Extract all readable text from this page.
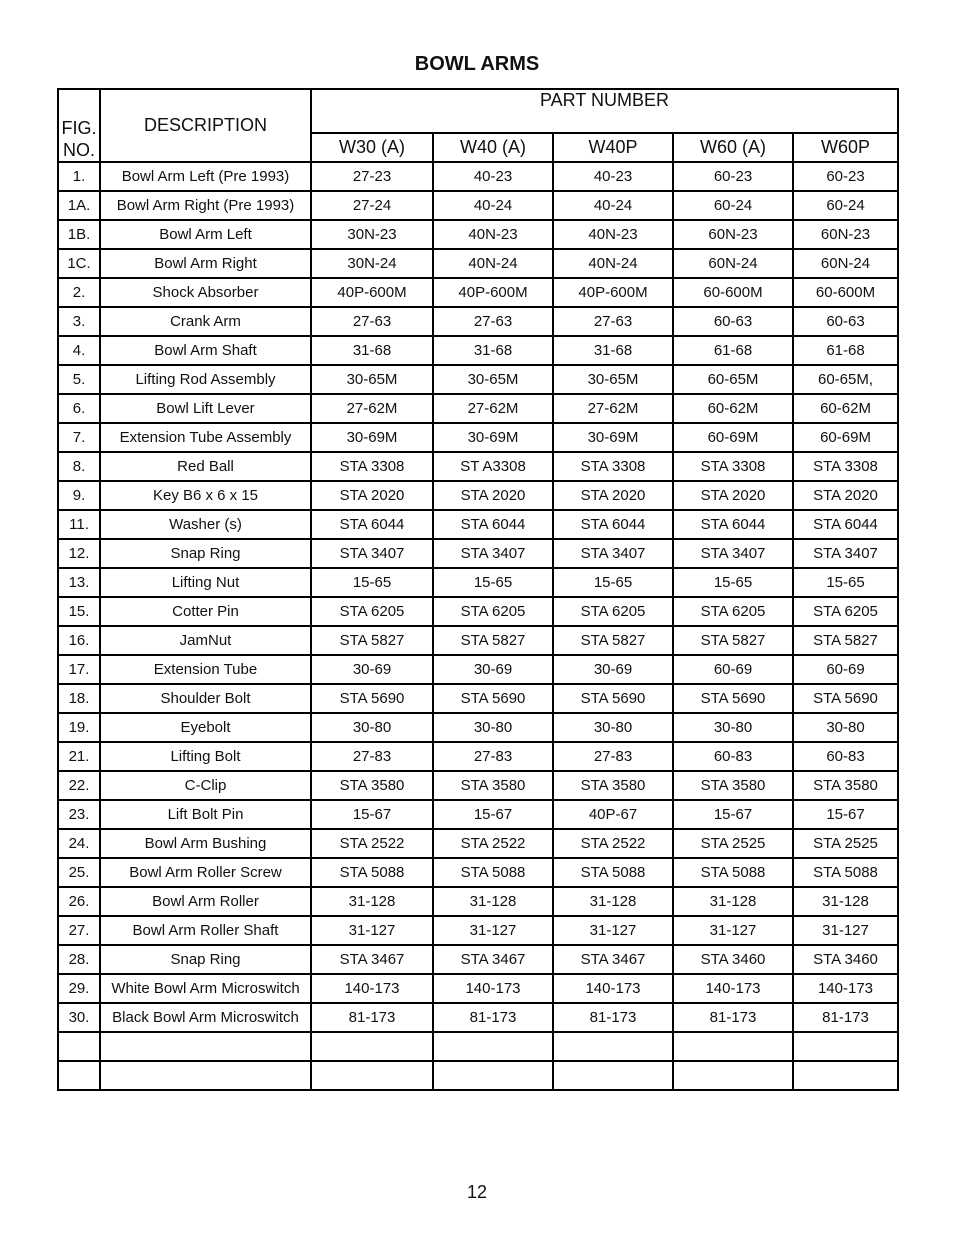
BOWL ARMS
FIG.
NO.	DESCRIPTION	PART NUMBER				
		W30 (A)	W40 (A)	W40P	W60 (A)	W60P
1.	Bowl Arm Left (Pre 1993)	27-23	40-23	40-23	60-23	60-23
1A.	Bowl Arm Right (Pre 1993)	27-24	40-24	40-24	60-24	60-24
1B.	Bowl Arm Left	30N-23	40N-23	40N-23	60N-23	60N-23
1C.	Bowl Arm Right	30N-24	40N-24	40N-24	60N-24	60N-24
2.	Shock Absorber	40P-600M	40P-600M	40P-600M	60-600M	60-600M
3.	Crank Arm	27-63	27-63	27-63	60-63	60-63
4.	Bowl Arm Shaft	31-68	31-68	31-68	61-68	61-68
5.	Lifting Rod Assembly	30-65M	30-65M	30-65M	60-65M	60-65M,
6.	Bowl Lift Lever	27-62M	27-62M	27-62M	60-62M	60-62M
7.	Extension Tube Assembly	30-69M	30-69M	30-69M	60-69M	60-69M
8.	Red Ball	STA 3308	ST A3308	STA 3308	STA 3308	STA 3308
9.	Key B6 x 6 x 15	STA 2020	STA 2020	STA 2020	STA 2020	STA 2020
11.	Washer (s)	STA 6044	STA 6044	STA 6044	STA 6044	STA 6044
12.	Snap Ring	STA 3407	STA 3407	STA 3407	STA 3407	STA 3407
13.	Lifting Nut	15-65	15-65	15-65	15-65	15-65
15.	Cotter Pin	STA 6205	STA 6205	STA 6205	STA 6205	STA 6205
16.	JamNut	STA 5827	STA 5827	STA 5827	STA 5827	STA 5827
17.	Extension Tube	30-69	30-69	30-69	60-69	60-69
18.	Shoulder Bolt	STA 5690	STA 5690	STA 5690	STA 5690	STA 5690
19.	Eyebolt	30-80	30-80	30-80	30-80	30-80
21.	Lifting Bolt	27-83	27-83	27-83	60-83	60-83
22.	C-Clip	STA 3580	STA 3580	STA 3580	STA 3580	STA 3580
23.	Lift Bolt Pin	15-67	15-67	40P-67	15-67	15-67
24.	Bowl Arm Bushing	STA 2522	STA 2522	STA 2522	STA 2525	STA 2525
25.	Bowl Arm Roller Screw	STA 5088	STA 5088	STA 5088	STA 5088	STA 5088
26.	Bowl Arm Roller	31-128	31-128	31-128	31-128	31-128
27.	Bowl Arm Roller Shaft	31-127	31-127	31-127	31-127	31-127
28.	Snap Ring	STA 3467	STA 3467	STA 3467	STA 3460	STA 3460
29.	White Bowl Arm Microswitch	140-173	140-173	140-173	140-173	140-173
30.	Black Bowl Arm Microswitch	81-173	81-173	81-173	81-173	81-173

12
